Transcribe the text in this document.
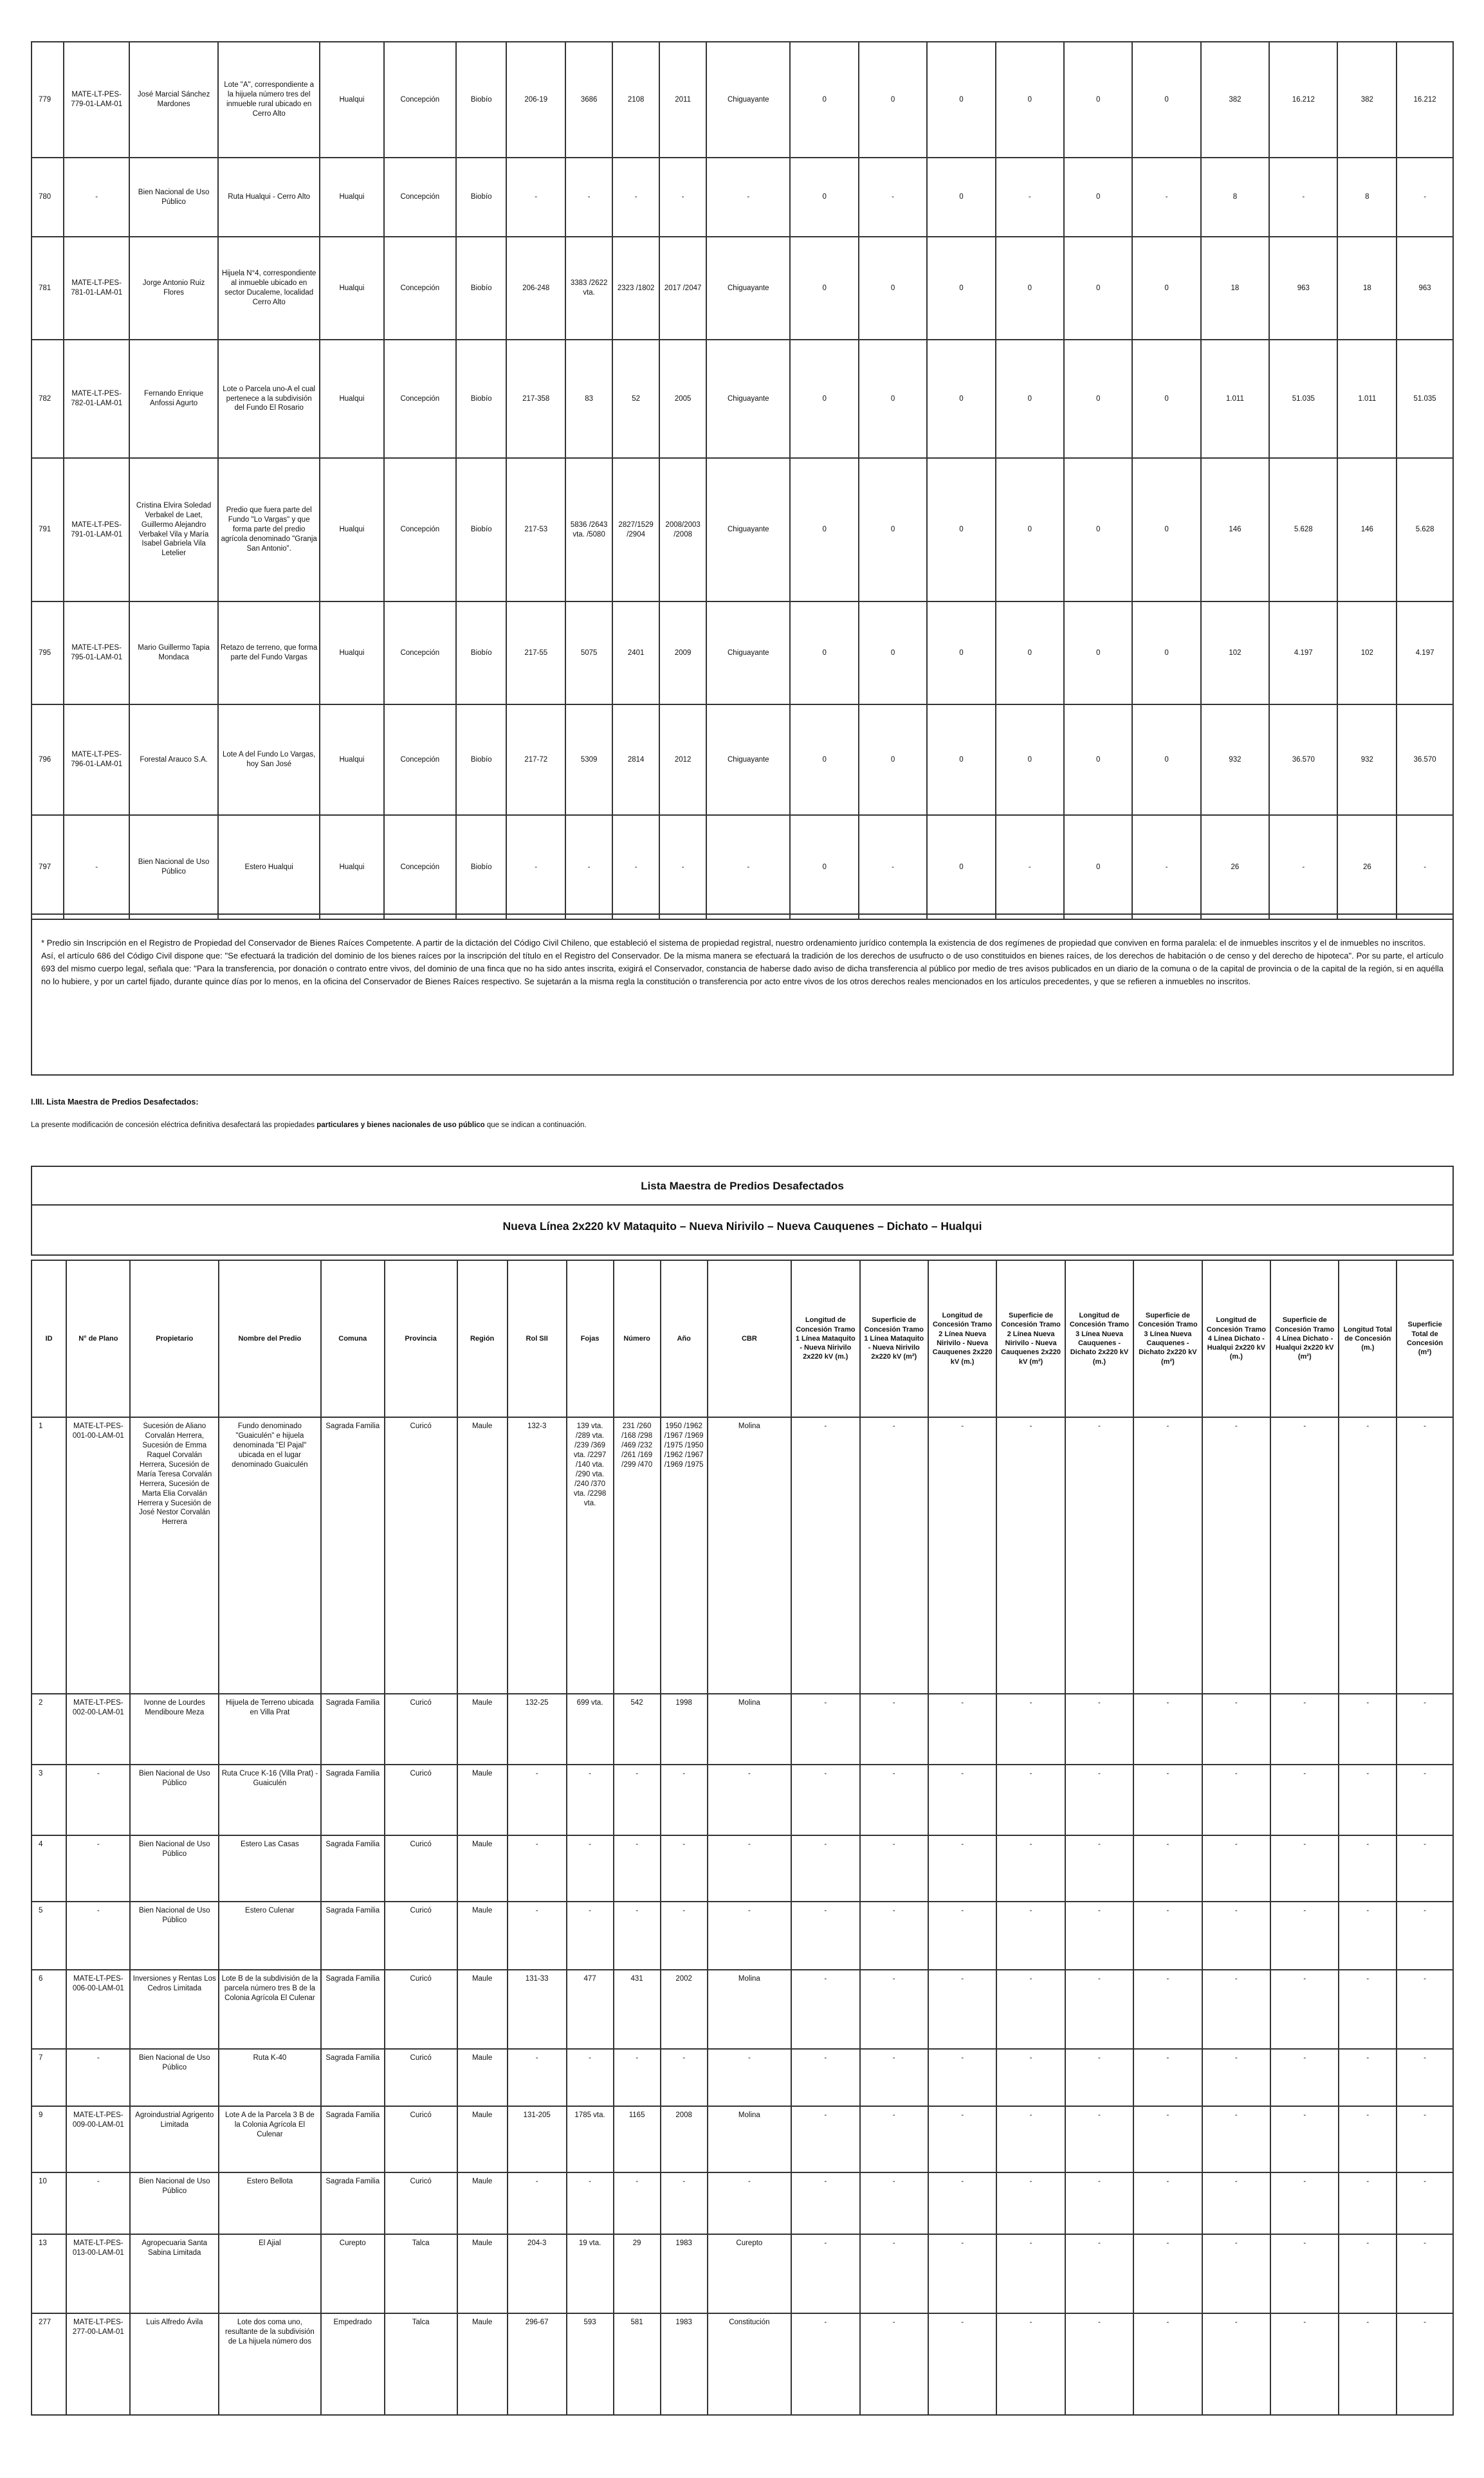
779	MATE-LT-PES-779-01-LAM-01	José Marcial Sánchez Mardones	Lote "A", correspondiente a la hijuela número tres del inmueble rural ubicado en Cerro Alto	Hualqui	Concepción	Biobío	206-19	3686	2108	2011	Chiguayante	0	0	0	0	0	0	382	16.212	382	16.212
780	-	Bien Nacional de Uso Público	Ruta Hualqui - Cerro Alto	Hualqui	Concepción	Biobío	-	-	-	-	-	0	-	0	-	0	-	8	-	8	-
781	MATE-LT-PES-781-01-LAM-01	Jorge Antonio Ruiz Flores	Hijuela N°4, correspondiente al inmueble ubicado en sector Ducaleme, localidad Cerro Alto	Hualqui	Concepción	Biobío	206-248	3383 /2622 vta.	2323 /1802	2017 /2047	Chiguayante	0	0	0	0	0	0	18	963	18	963
782	MATE-LT-PES-782-01-LAM-01	Fernando Enrique Anfossi Agurto	Lote o Parcela uno-A el cual pertenece a la subdivisión del Fundo El Rosario	Hualqui	Concepción	Biobío	217-358	83	52	2005	Chiguayante	0	0	0	0	0	0	1.011	51.035	1.011	51.035
791	MATE-LT-PES-791-01-LAM-01	Cristina Elvira Soledad Verbakel de Laet, Guillermo Alejandro Verbakel Vila y María Isabel Gabriela Vila Letelier	Predio que fuera parte del Fundo "Lo Vargas" y que forma parte del predio agrícola denominado "Granja San Antonio".	Hualqui	Concepción	Biobío	217-53	5836 /2643 vta. /5080	2827/1529 /2904	2008/2003 /2008	Chiguayante	0	0	0	0	0	0	146	5.628	146	5.628
795	MATE-LT-PES-795-01-LAM-01	Mario Guillermo Tapia Mondaca	Retazo de terreno, que forma parte del Fundo Vargas	Hualqui	Concepción	Biobío	217-55	5075	2401	2009	Chiguayante	0	0	0	0	0	0	102	4.197	102	4.197
796	MATE-LT-PES-796-01-LAM-01	Forestal Arauco S.A.	Lote A del Fundo Lo Vargas, hoy San José	Hualqui	Concepción	Biobío	217-72	5309	2814	2012	Chiguayante	0	0	0	0	0	0	932	36.570	932	36.570
797	-	Bien Nacional de Uso Público	Estero Hualqui	Hualqui	Concepción	Biobío	-	-	-	-	-	0	-	0	-	0	-	26	-	26	-

* Predio sin Inscripción en el Registro de Propiedad del Conservador de Bienes Raíces Competente. A partir de la dictación del Código Civil Chileno, que estableció el sistema de propiedad registral, nuestro ordenamiento jurídico contempla la existencia de dos regímenes de propiedad que conviven en forma paralela: el de inmuebles inscritos y el de inmuebles no inscritos.

Así, el artículo 686 del Código Civil dispone que: "Se efectuará la tradición del dominio de los bienes raíces por la inscripción del título en el Registro del Conservador. De la misma manera se efectuará la tradición de los derechos de usufructo o de uso constituidos en bienes raíces, de los derechos de habitación o de censo y del derecho de hipoteca". Por su parte, el artículo 693 del mismo cuerpo legal, señala que: "Para la transferencia, por donación o contrato entre vivos, del dominio de una finca que no ha sido antes inscrita, exigirá el Conservador, constancia de haberse dado aviso de dicha transferencia al público por medio de tres avisos publicados en un diario de la comuna o de la capital de provincia o de la capital de la región, si en aquélla no lo hubiere, y por un cartel fijado, durante quince días por lo menos, en la oficina del Conservador de Bienes Raíces respectivo. Se sujetarán a la misma regla la constitución o transferencia por acto entre vivos de los otros derechos reales mencionados en los artículos precedentes, y que se refieren a inmuebles no inscritos.

I.III. Lista Maestra de Predios Desafectados:
La presente modificación de concesión eléctrica definitiva desafectará las propiedades particulares y bienes nacionales de uso público que se indican a continuación.
Lista Maestra de Predios Desafectados
Nueva Línea 2x220 kV Mataquito – Nueva Nirivilo – Nueva Cauquenes – Dichato – Hualqui
ID	N° de Plano	Propietario	Nombre del Predio	Comuna	Provincia	Región	Rol SII	Fojas	Número	Año	CBR	Longitud de Concesión Tramo 1 Línea Mataquito - Nueva Nirivilo 2x220 kV (m.)	Superficie de Concesión Tramo 1 Línea Mataquito - Nueva Nirivilo 2x220 kV (m²)	Longitud de Concesión Tramo 2 Línea Nueva Nirivilo - Nueva Cauquenes 2x220 kV (m.)	Superficie de Concesión Tramo 2 Línea Nueva Nirivilo - Nueva Cauquenes 2x220 kV (m²)	Longitud de Concesión Tramo 3 Línea Nueva Cauquenes - Dichato 2x220 kV (m.)	Superficie de Concesión Tramo 3 Línea Nueva Cauquenes - Dichato 2x220 kV (m²)	Longitud de Concesión Tramo 4 Línea Dichato - Hualqui 2x220 kV (m.)	Superficie de Concesión Tramo 4 Línea Dichato - Hualqui 2x220 kV (m²)	Longitud Total de Concesión (m.)	Superficie Total de Concesión (m²)
1	MATE-LT-PES-001-00-LAM-01	Sucesión de Aliano Corvalán Herrera, Sucesión de Emma Raquel Corvalán Herrera, Sucesión de María Teresa Corvalán Herrera, Sucesión de Marta Elia Corvalán Herrera y Sucesión de José Nestor Corvalán Herrera	Fundo denominado "Guaiculén" e hijuela denominada "El Pajal" ubicada en el lugar denominado Guaiculén	Sagrada Familia	Curicó	Maule	132-3	139 vta. /289 vta. /239 /369 vta. /2297 /140 vta. /290 vta. /240 /370 vta. /2298 vta.	231 /260 /168 /298 /469 /232 /261 /169 /299 /470	1950 /1962 /1967 /1969 /1975 /1950 /1962 /1967 /1969 /1975	Molina	-	-	-	-	-	-	-	-	-	-
2	MATE-LT-PES-002-00-LAM-01	Ivonne de Lourdes Mendiboure Meza	Hijuela de Terreno ubicada en Villa Prat	Sagrada Familia	Curicó	Maule	132-25	699 vta.	542	1998	Molina	-	-	-	-	-	-	-	-	-	-
3	-	Bien Nacional de Uso Público	Ruta Cruce K-16 (Villa Prat) - Guaiculén	Sagrada Familia	Curicó	Maule	-	-	-	-	-	-	-	-	-	-	-	-	-	-	-
4	-	Bien Nacional de Uso Público	Estero Las Casas	Sagrada Familia	Curicó	Maule	-	-	-	-	-	-	-	-	-	-	-	-	-	-	-
5	-	Bien Nacional de Uso Público	Estero Culenar	Sagrada Familia	Curicó	Maule	-	-	-	-	-	-	-	-	-	-	-	-	-	-	-
6	MATE-LT-PES-006-00-LAM-01	Inversiones y Rentas Los Cedros Limitada	Lote B de la subdivisión de la parcela número tres B de la Colonia Agrícola El Culenar	Sagrada Familia	Curicó	Maule	131-33	477	431	2002	Molina	-	-	-	-	-	-	-	-	-	-
7	-	Bien Nacional de Uso Público	Ruta K-40	Sagrada Familia	Curicó	Maule	-	-	-	-	-	-	-	-	-	-	-	-	-	-	-
9	MATE-LT-PES-009-00-LAM-01	Agroindustrial Agrigento Limitada	Lote A de la Parcela 3 B de la Colonia Agrícola El Culenar	Sagrada Familia	Curicó	Maule	131-205	1785 vta.	1165	2008	Molina	-	-	-	-	-	-	-	-	-	-
10	-	Bien Nacional de Uso Público	Estero Bellota	Sagrada Familia	Curicó	Maule	-	-	-	-	-	-	-	-	-	-	-	-	-	-	-
13	MATE-LT-PES-013-00-LAM-01	Agropecuaria Santa Sabina Limitada	El Ajial	Curepto	Talca	Maule	204-3	19 vta.	29	1983	Curepto	-	-	-	-	-	-	-	-	-	-
277	MATE-LT-PES-277-00-LAM-01	Luis Alfredo Ávila	Lote dos coma uno, resultante de la subdivisión de La hijuela número dos	Empedrado	Talca	Maule	296-67	593	581	1983	Constitución	-	-	-	-	-	-	-	-	-	-
